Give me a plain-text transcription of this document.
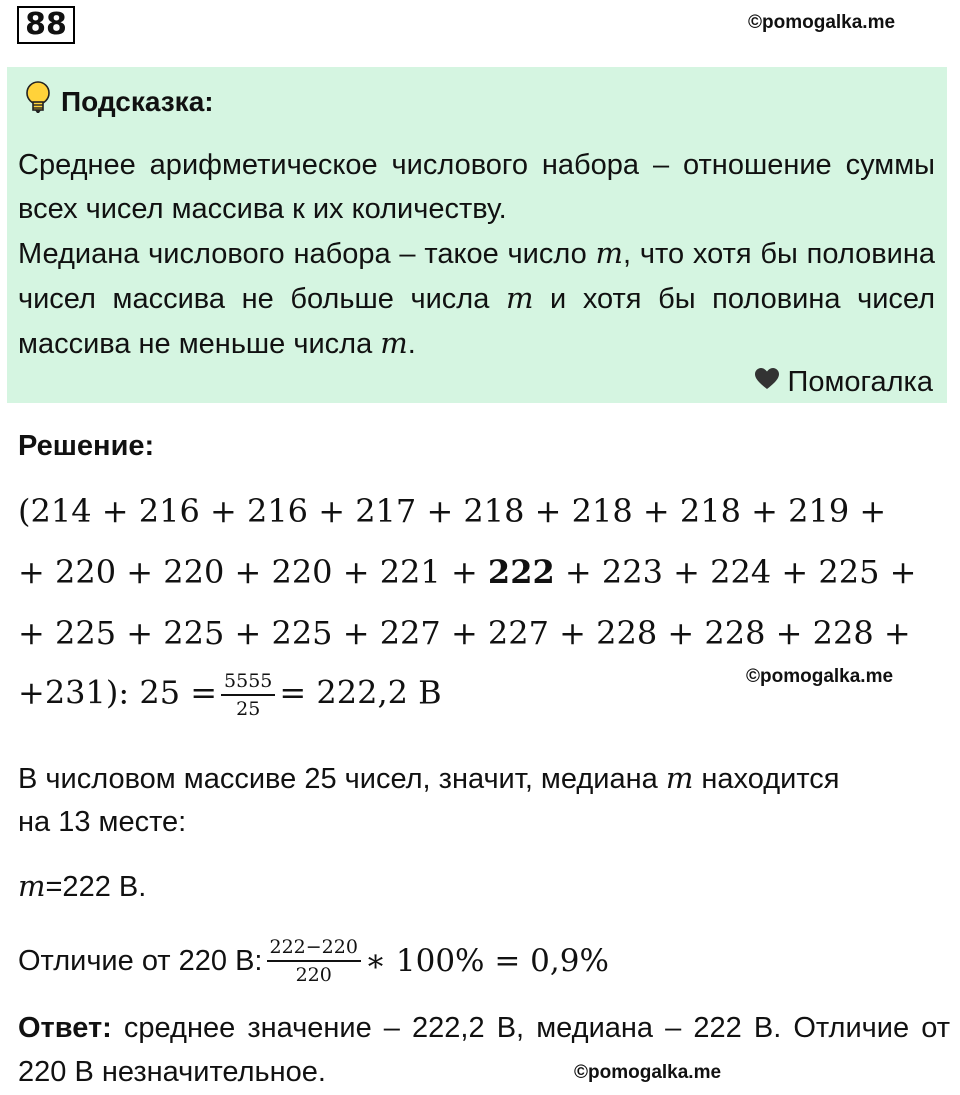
88	©pomogalka.me
Подсказка:

Среднее арифметическое числового набора – отношение суммы всех чисел массива к их количеству.

Медиана числового набора – такое число m, что хотя бы половина чисел массива не больше числа m и хотя бы половина чисел массива не меньше числа m.

Помогалка
Решение:
(214 + 216 + 216 + 217 + 218 + 218 + 218 + 219 +
+ 220 + 220 + 220 + 221 + 222 + 223 + 224 + 225 +
+ 225 + 225 + 225 + 227 + 227 + 228 + 228 + 228 +
+231): $25 = \frac{5555}{25} = 222,2$ В	©pomogalka.me
В числовом массиве 25 чисел, значит, медиана m находится
на 13 месте:
m=222 В.
Отличие от 220 В: $\frac{222-220}{220}$ ∗ 100% = 0,9%
Ответ: среднее значение – 222,2 В, медиана – 222 В. Отличие от 220 В незначительное.	©pomogalka.me
